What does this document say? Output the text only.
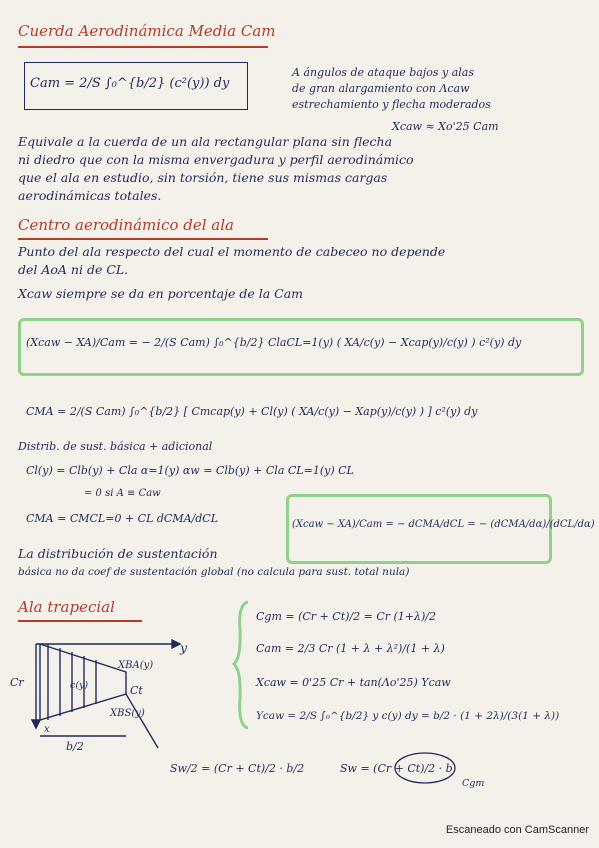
Cuerda Aerodinámica Media Cam
Cam = 2/S ∫₀^{b/2} (c²(y)) dy
A ángulos de ataque bajos y alas
de gran alargamiento con Λcaw
estrechamiento y flecha moderados
Xcaw ≈ Xo'25 Cam
Equivale a la cuerda de un ala rectangular plana sin flecha
ni diedro que con la misma envergadura y perfil aerodinámico
que el ala en estudio, sin torsión, tiene sus mismas cargas
aerodinámicas totales.
Centro aerodinámico del ala
Punto del ala respecto del cual el momento de cabeceo no depende
del AoA ni de CL.
Xcaw siempre se da en porcentaje de la Cam
(Xcaw − XA)/Cam = − 2/(S Cam) ∫₀^{b/2} ClaCL=1(y) ( XA/c(y) − Xcap(y)/c(y) ) c²(y) dy
CMA = 2/(S Cam) ∫₀^{b/2} [ Cmcap(y) + Cl(y) ( XA/c(y) − Xap(y)/c(y) ) ] c²(y) dy
Distrib. de sust. básica + adicional
Cl(y) = Clb(y) + Cla α=1(y) αw = Clb(y) + Cla CL=1(y) CL
= 0 si A ≡ Caw
CMA = CMCL=0 + CL dCMA/dCL	(Xcaw − XA)/Cam = − dCMA/dCL = − (dCMA/dα)/(dCL/dα)
La distribución de sustentación
básica no da coef de sustentación global (no calcula para sust. total nula)
Ala trapecial
y
x
Cr
Ct
c(y)
XBA(y)
XBS(y)
b/2
Cgm = (Cr + Ct)/2 = Cr (1+λ)/2
Cam = 2/3 Cr (1 + λ + λ²)/(1 + λ)
Xcaw = 0'25 Cr + tan(Λo'25) Ycaw
Ycaw = 2/S ∫₀^{b/2} y c(y) dy = b/2 · (1 + 2λ)/(3(1 + λ))
Sw/2 = (Cr + Ct)/2 · b/2	Sw = (Cr + Ct)/2 · b
Cgm
Escaneado con CamScanner
